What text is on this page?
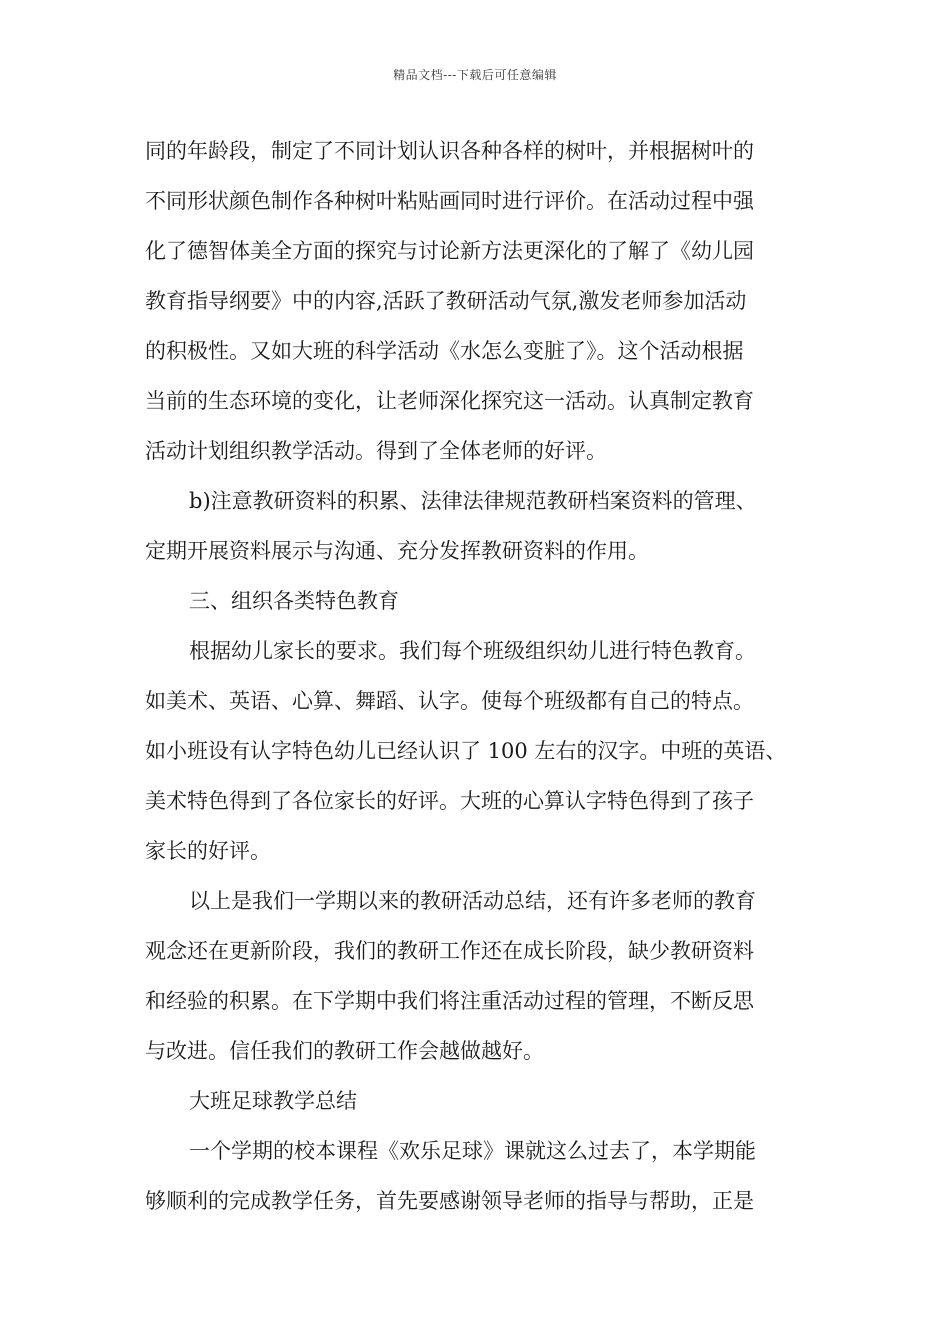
精品文档---下载后可任意编辑
同的年龄段，制定了不同计划认识各种各样的树叶，并根据树叶的
不同形状颜色制作各种树叶粘贴画同时进行评价。在活动过程中强
化了德智体美全方面的探究与讨论新方法更深化的了解了《幼儿园
教育指导纲要》中的内容,活跃了教研活动气氛,激发老师参加活动
的积极性。又如大班的科学活动《水怎么变脏了》。这个活动根据
当前的生态环境的变化，让老师深化探究这一活动。认真制定教育
活动计划组织教学活动。得到了全体老师的好评。
b)注意教研资料的积累、法律法律规范教研档案资料的管理、
定期开展资料展示与沟通、充分发挥教研资料的作用。
三、组织各类特色教育
根据幼儿家长的要求。我们每个班级组织幼儿进行特色教育。
如美术、英语、心算、舞蹈、认字。使每个班级都有自己的特点。
如小班设有认字特色幼儿已经认识了 100 左右的汉字。中班的英语、
美术特色得到了各位家长的好评。大班的心算认字特色得到了孩子
家长的好评。
以上是我们一学期以来的教研活动总结，还有许多老师的教育
观念还在更新阶段，我们的教研工作还在成长阶段，缺少教研资料
和经验的积累。在下学期中我们将注重活动过程的管理，不断反思
与改进。信任我们的教研工作会越做越好。
大班足球教学总结
一个学期的校本课程《欢乐足球》课就这么过去了，本学期能
够顺利的完成教学任务，首先要感谢领导老师的指导与帮助，正是
